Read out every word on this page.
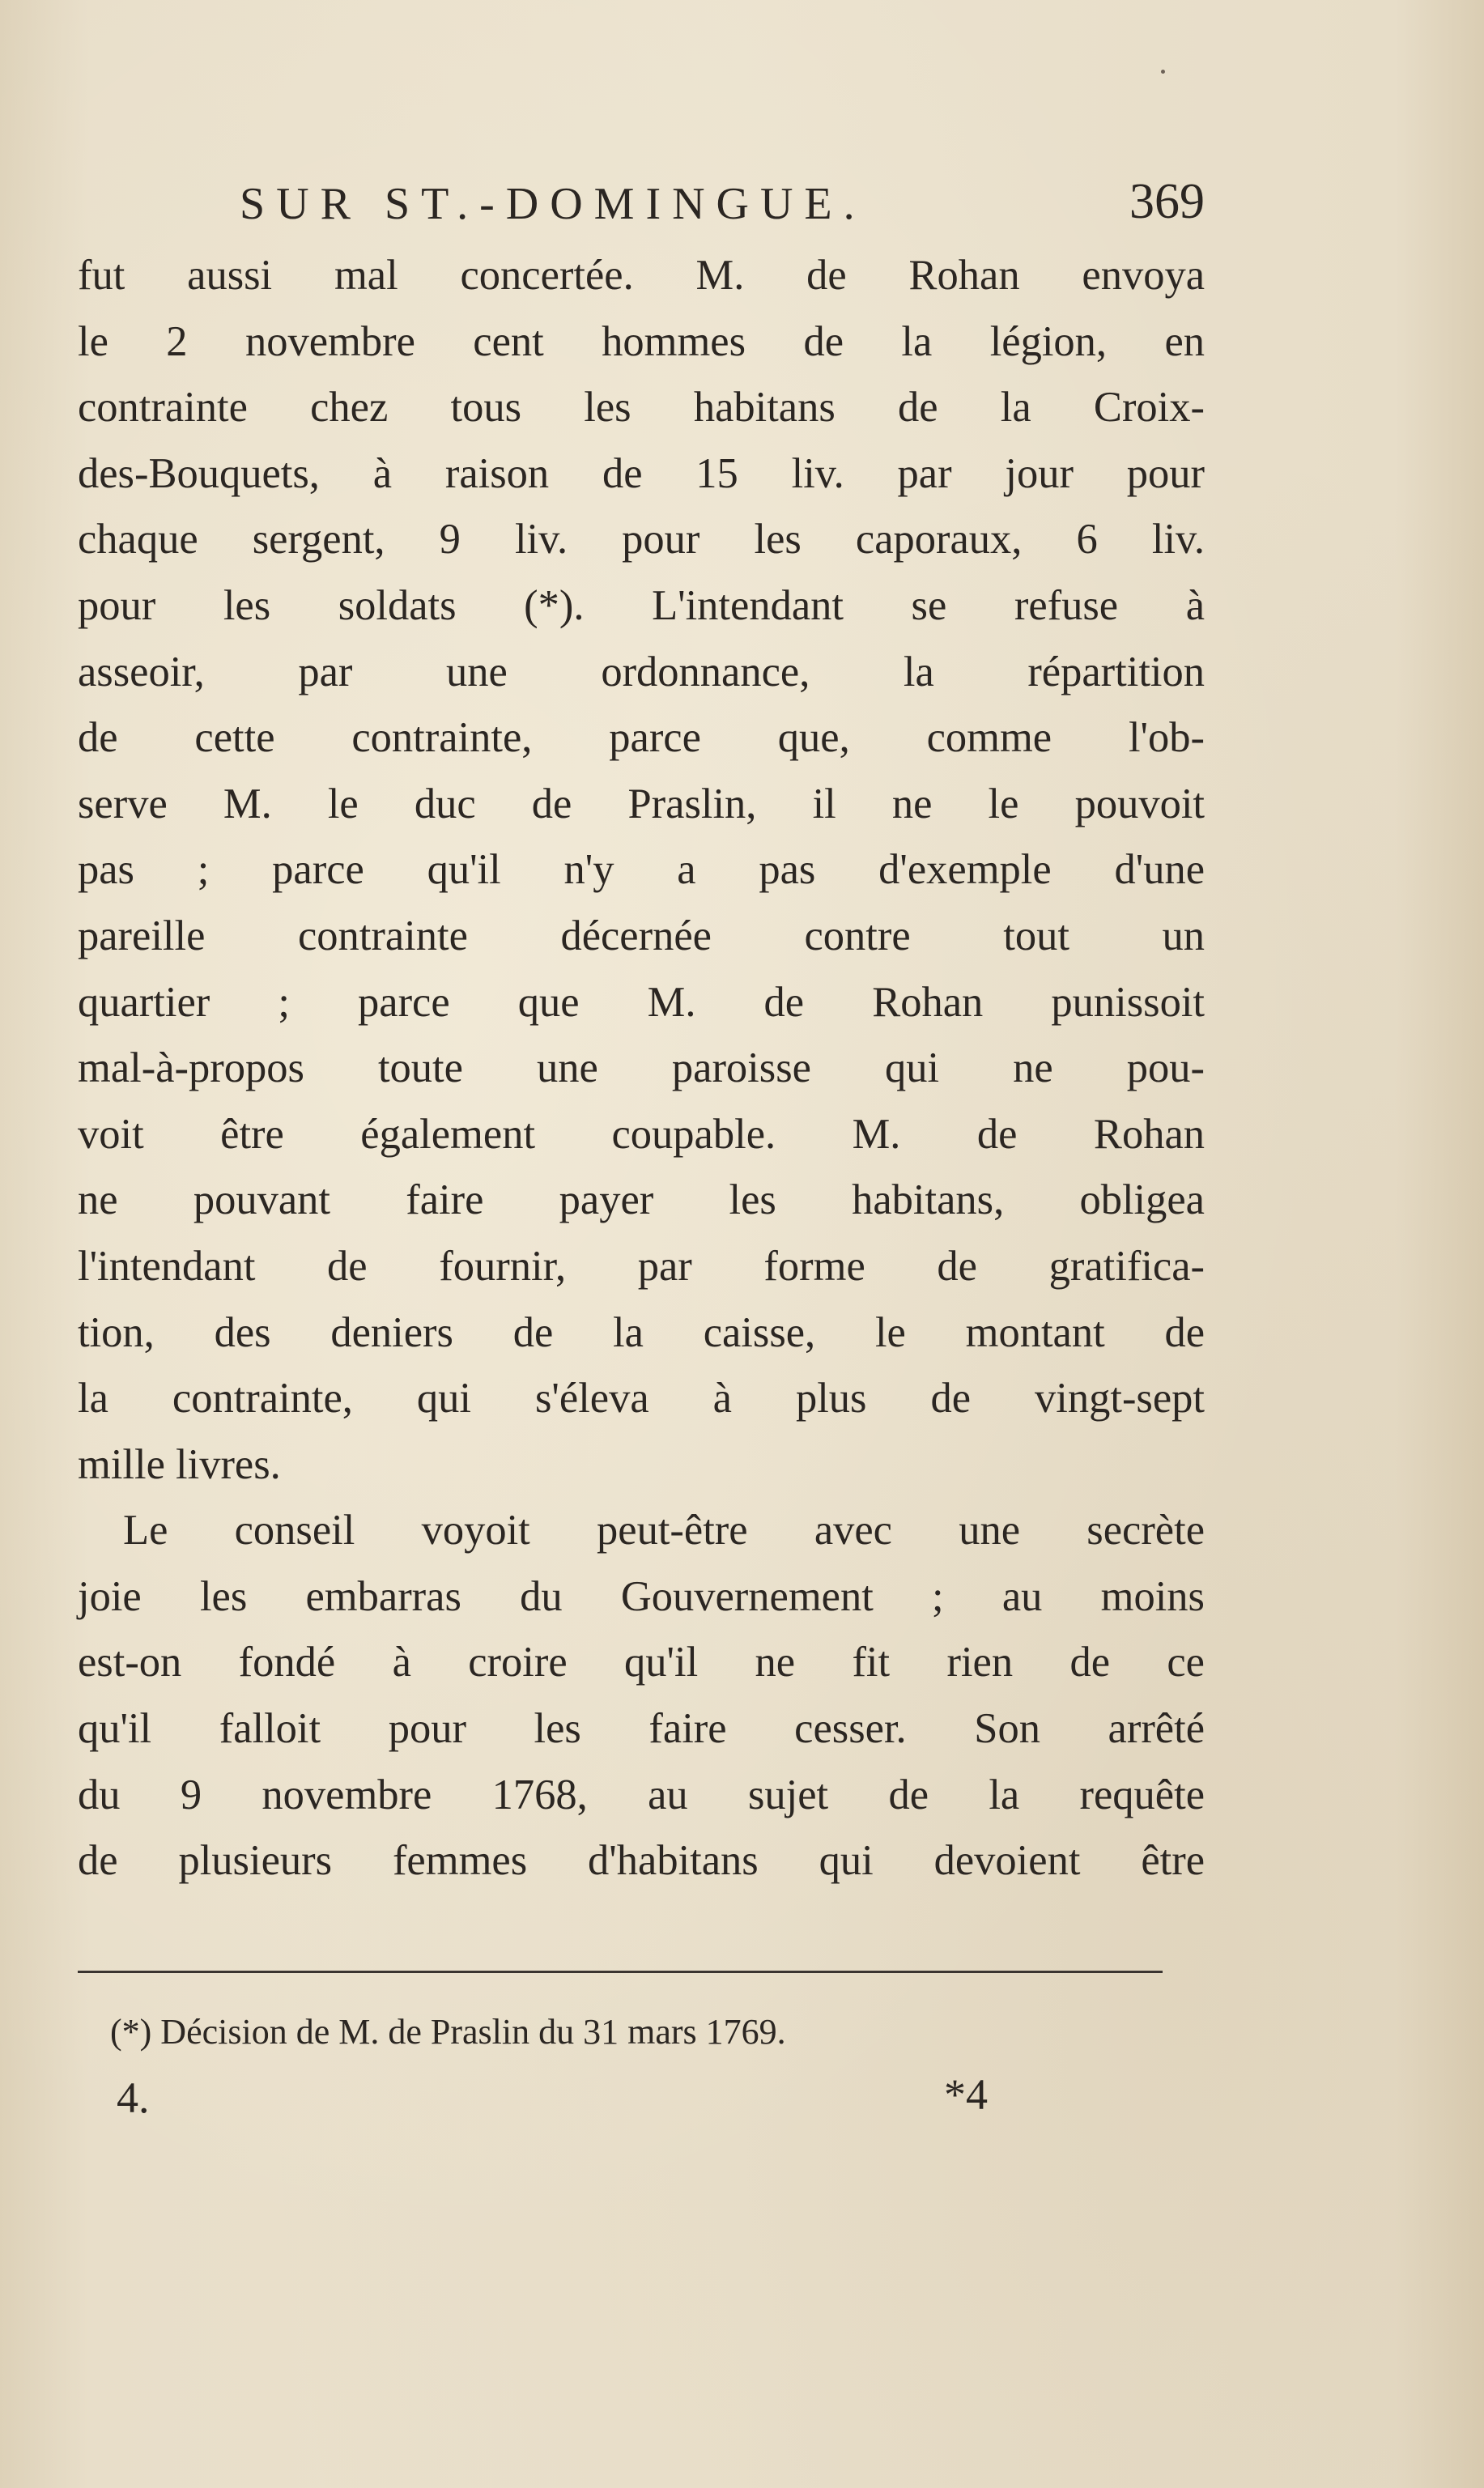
SUR ST.-DOMINGUE.	369
fut aussi mal concertée. M. de Rohan envoya
le 2 novembre cent hommes de la légion, en
contrainte chez tous les habitans de la Croix-
des-Bouquets, à raison de 15 liv. par jour pour
chaque sergent, 9 liv. pour les caporaux, 6 liv.
pour les soldats (*). L'intendant se refuse à
asseoir, par une ordonnance, la répartition
de cette contrainte, parce que, comme l'ob-
serve M. le duc de Praslin, il ne le pouvoit
pas ; parce qu'il n'y a pas d'exemple d'une
pareille contrainte décernée contre tout un
quartier ; parce que M. de Rohan punissoit
mal-à-propos toute une paroisse qui ne pou-
voit être également coupable. M. de Rohan
ne pouvant faire payer les habitans, obligea
l'intendant de fournir, par forme de gratifica-
tion, des deniers de la caisse, le montant de
la contrainte, qui s'éleva à plus de vingt-sept
mille livres.
Le conseil voyoit peut-être avec une secrète
joie les embarras du Gouvernement ; au moins
est-on fondé à croire qu'il ne fit rien de ce
qu'il falloit pour les faire cesser. Son arrêté
du 9 novembre 1768, au sujet de la requête
de plusieurs femmes d'habitans qui devoient être
(*) Décision de M. de Praslin du 31 mars 1769.
4.	*4
